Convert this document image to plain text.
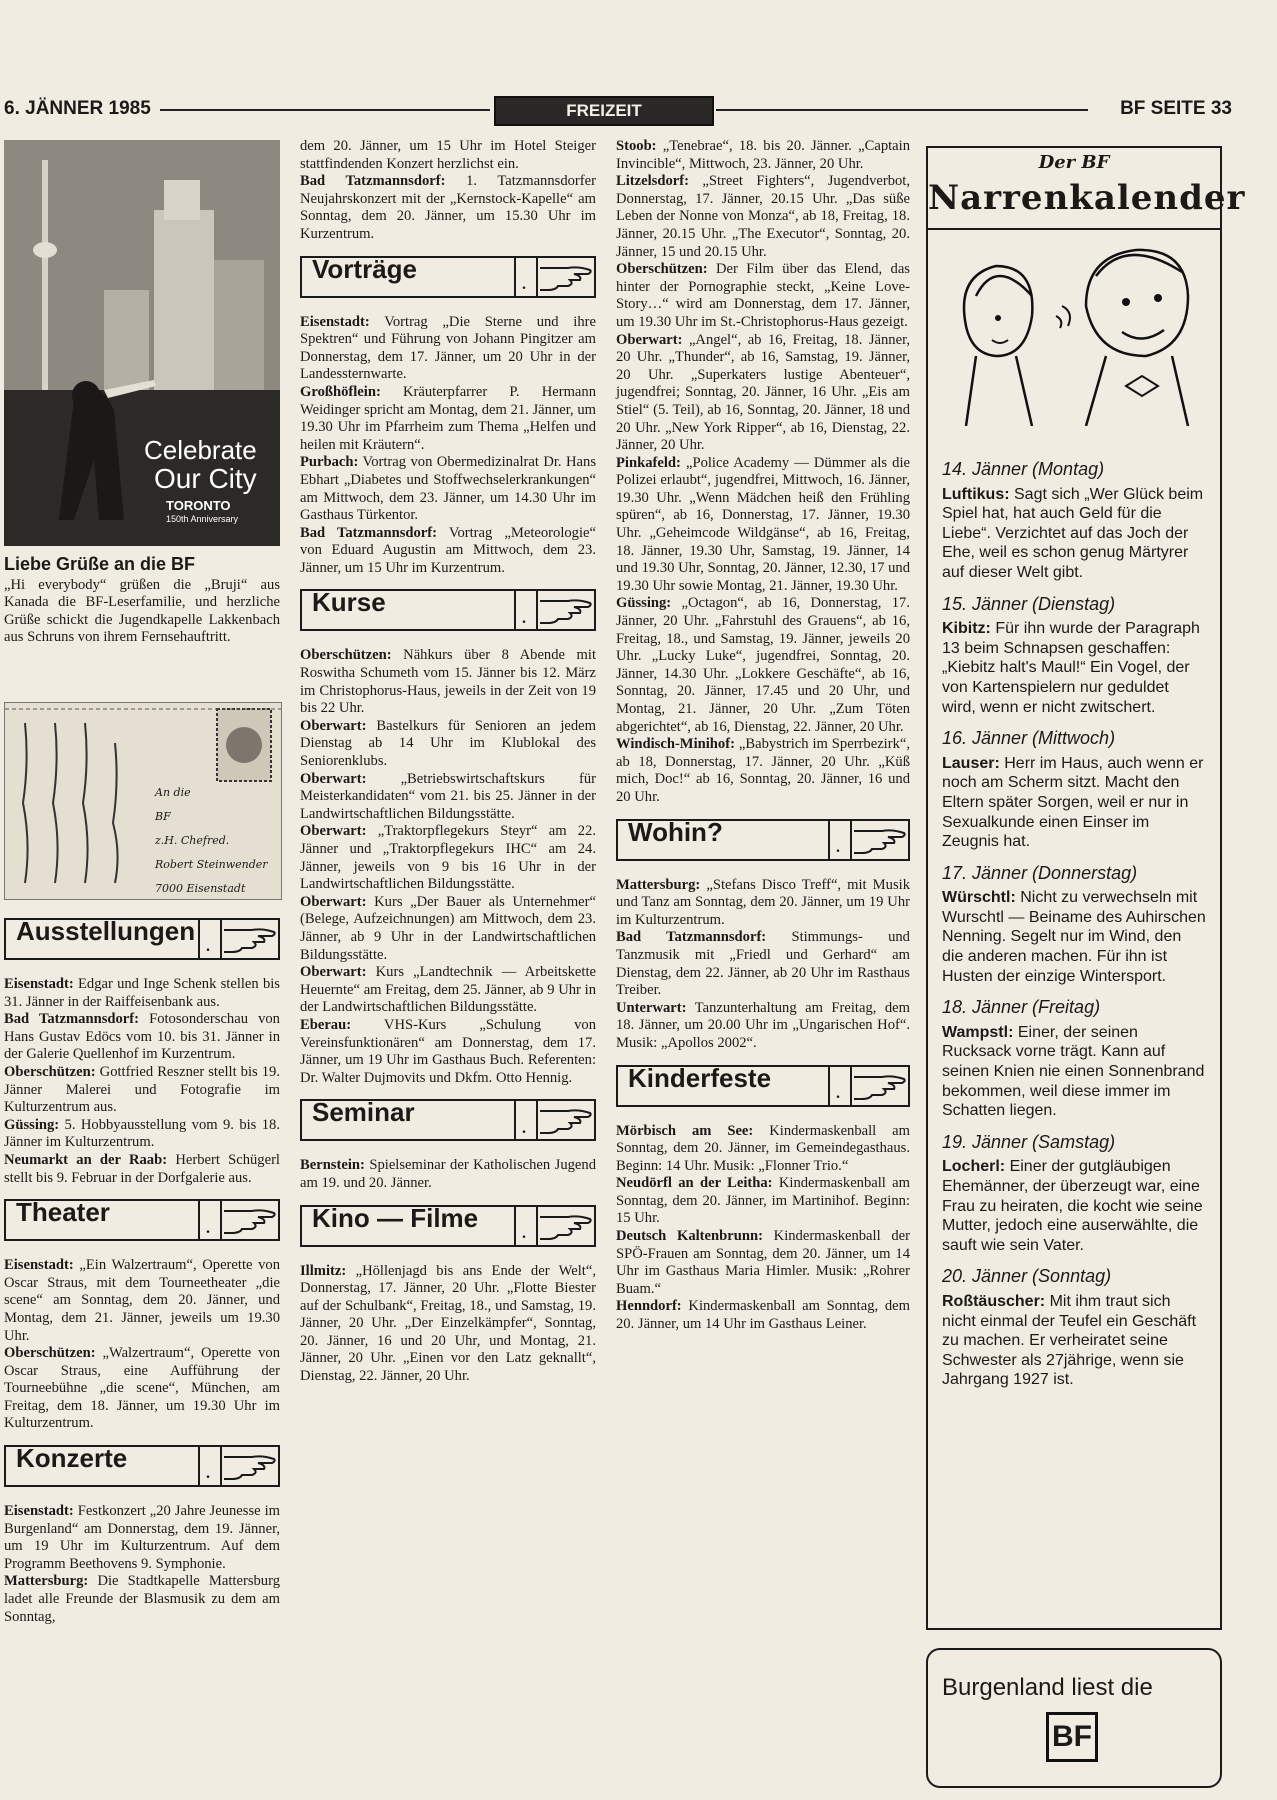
6. JÄNNER 1985	FREIZEIT	BF SEITE 33
Celebrate
Our City
TORONTO
150th Anniversary
Liebe Grüße an die BF

„Hi everybody“ grüßen die „Bruji“ aus Kanada die BF-Leserfamilie, und herzliche Grüße schickt die Jugendkapelle Lakkenbach aus Schruns von ihrem Fernsehauftritt.

An die
BF
z.H. Chefred.
Robert Steinwender
7000 Eisenstadt
Ausstellungen
.

Eisenstadt: Edgar und Inge Schenk stellen bis 31. Jänner in der Raiffeisenbank aus.

Bad Tatzmannsdorf: Fotosonderschau von Hans Gustav Edöcs vom 10. bis 31. Jänner in der Galerie Quellenhof im Kurzentrum.

Oberschützen: Gottfried Reszner stellt bis 19. Jänner Malerei und Fotografie im Kulturzentrum aus.

Güssing: 5. Hobbyausstellung vom 9. bis 18. Jänner im Kulturzentrum.

Neumarkt an der Raab: Herbert Schügerl stellt bis 9. Februar in der Dorfgalerie aus.

Theater
.

Eisenstadt: „Ein Walzertraum“, Operette von Oscar Straus, mit dem Tourneetheater „die scene“ am Sonntag, dem 20. Jänner, und Montag, dem 21. Jänner, jeweils um 19.30 Uhr.

Oberschützen: „Walzertraum“, Operette von Oscar Straus, eine Aufführung der Tourneebühne „die scene“, München, am Freitag, dem 18. Jänner, um 19.30 Uhr im Kulturzentrum.

Konzerte
.

Eisenstadt: Festkonzert „20 Jahre Jeunesse im Burgenland“ am Donnerstag, dem 19. Jänner, um 19 Uhr im Kulturzentrum. Auf dem Programm Beethovens 9. Symphonie.

Mattersburg: Die Stadtkapelle Mattersburg ladet alle Freunde der Blasmusik zu dem am Sonntag,

dem 20. Jänner, um 15 Uhr im Hotel Steiger stattfindenden Konzert herzlichst ein.

Bad Tatzmannsdorf: 1. Tatzmannsdorfer Neujahrskonzert mit der „Kernstock-Kapelle“ am Sonntag, dem 20. Jänner, um 15.30 Uhr im Kurzentrum.

Vorträge
.

Eisenstadt: Vortrag „Die Sterne und ihre Spektren“ und Führung von Johann Pingitzer am Donnerstag, dem 17. Jänner, um 20 Uhr in der Landessternwarte.

Großhöflein: Kräuterpfarrer P. Hermann Weidinger spricht am Montag, dem 21. Jänner, um 19.30 Uhr im Pfarrheim zum Thema „Helfen und heilen mit Kräutern“.

Purbach: Vortrag von Obermedizinalrat Dr. Hans Ebhart „Diabetes und Stoffwechselerkrankungen“ am Mittwoch, dem 23. Jänner, um 14.30 Uhr im Gasthaus Türkentor.

Bad Tatzmannsdorf: Vortrag „Meteorologie“ von Eduard Augustin am Mittwoch, dem 23. Jänner, um 15 Uhr im Kurzentrum.

Kurse
.

Oberschützen: Nähkurs über 8 Abende mit Roswitha Schumeth vom 15. Jänner bis 12. März im Christophorus-Haus, jeweils in der Zeit von 19 bis 22 Uhr.

Oberwart: Bastelkurs für Senioren an jedem Dienstag ab 14 Uhr im Klublokal des Seniorenklubs.

Oberwart: „Betriebswirtschaftskurs für Meisterkandidaten“ vom 21. bis 25. Jänner in der Landwirtschaftlichen Bildungsstätte.

Oberwart: „Traktorpflegekurs Steyr“ am 22. Jänner und „Traktorpflegekurs IHC“ am 24. Jänner, jeweils von 9 bis 16 Uhr in der Landwirtschaftlichen Bildungsstätte.

Oberwart: Kurs „Der Bauer als Unternehmer“ (Belege, Aufzeichnungen) am Mittwoch, dem 23. Jänner, ab 9 Uhr in der Landwirtschaftlichen Bildungsstätte.

Oberwart: Kurs „Landtechnik — Arbeitskette Heuernte“ am Freitag, dem 25. Jänner, ab 9 Uhr in der Landwirtschaftlichen Bildungsstätte.

Eberau: VHS-Kurs „Schulung von Vereinsfunktionären“ am Donnerstag, dem 17. Jänner, um 19 Uhr im Gasthaus Buch. Referenten: Dr. Walter Dujmovits und Dkfm. Otto Hennig.

Seminar
.

Bernstein: Spielseminar der Katholischen Jugend am 19. und 20. Jänner.

Kino — Filme
.

Illmitz: „Höllenjagd bis ans Ende der Welt“, Donnerstag, 17. Jänner, 20 Uhr. „Flotte Biester auf der Schulbank“, Freitag, 18., und Samstag, 19. Jänner, 20 Uhr. „Der Einzelkämpfer“, Sonntag, 20. Jänner, 16 und 20 Uhr, und Montag, 21. Jänner, 20 Uhr. „Einen vor den Latz geknallt“, Dienstag, 22. Jänner, 20 Uhr.

Stoob: „Tenebrae“, 18. bis 20. Jänner. „Captain Invincible“, Mittwoch, 23. Jänner, 20 Uhr.

Litzelsdorf: „Street Fighters“, Jugendverbot, Donnerstag, 17. Jänner, 20.15 Uhr. „Das süße Leben der Nonne von Monza“, ab 18, Freitag, 18. Jänner, 20.15 Uhr. „The Executor“, Sonntag, 20. Jänner, 15 und 20.15 Uhr.

Oberschützen: Der Film über das Elend, das hinter der Pornographie steckt, „Keine Love-Story…“ wird am Donnerstag, dem 17. Jänner, um 19.30 Uhr im St.-Christophorus-Haus gezeigt.

Oberwart: „Angel“, ab 16, Freitag, 18. Jänner, 20 Uhr. „Thunder“, ab 16, Samstag, 19. Jänner, 20 Uhr. „Superkaters lustige Abenteuer“, jugendfrei; Sonntag, 20. Jänner, 16 Uhr. „Eis am Stiel“ (5. Teil), ab 16, Sonntag, 20. Jänner, 18 und 20 Uhr. „New York Ripper“, ab 16, Dienstag, 22. Jänner, 20 Uhr.

Pinkafeld: „Police Academy — Dümmer als die Polizei erlaubt“, jugendfrei, Mittwoch, 16. Jänner, 19.30 Uhr. „Wenn Mädchen heiß den Frühling spüren“, ab 16, Donnerstag, 17. Jänner, 19.30 Uhr. „Geheimcode Wildgänse“, ab 16, Freitag, 18. Jänner, 19.30 Uhr, Samstag, 19. Jänner, 14 und 19.30 Uhr, Sonntag, 20. Jänner, 12.30, 17 und 19.30 Uhr sowie Montag, 21. Jänner, 19.30 Uhr.

Güssing: „Octagon“, ab 16, Donnerstag, 17. Jänner, 20 Uhr. „Fahrstuhl des Grauens“, ab 16, Freitag, 18., und Samstag, 19. Jänner, jeweils 20 Uhr. „Lucky Luke“, jugendfrei, Sonntag, 20. Jänner, 14.30 Uhr. „Lokkere Geschäfte“, ab 16, Sonntag, 20. Jänner, 17.45 und 20 Uhr, und Montag, 21. Jänner, 20 Uhr. „Zum Töten abgerichtet“, ab 16, Dienstag, 22. Jänner, 20 Uhr.

Windisch-Minihof: „Babystrich im Sperrbezirk“, ab 18, Donnerstag, 17. Jänner, 20 Uhr. „Küß mich, Doc!“ ab 16, Sonntag, 20. Jänner, 16 und 20 Uhr.

Wohin?
.

Mattersburg: „Stefans Disco Treff“, mit Musik und Tanz am Sonntag, dem 20. Jänner, um 19 Uhr im Kulturzentrum.

Bad Tatzmannsdorf: Stimmungs- und Tanzmusik mit „Friedl und Gerhard“ am Dienstag, dem 22. Jänner, ab 20 Uhr im Rasthaus Treiber.

Unterwart: Tanzunterhaltung am Freitag, dem 18. Jänner, um 20.00 Uhr im „Ungarischen Hof“. Musik: „Apollos 2002“.

Kinderfeste
.

Mörbisch am See: Kindermaskenball am Sonntag, dem 20. Jänner, im Gemeindegasthaus. Beginn: 14 Uhr. Musik: „Flonner Trio.“

Neudörfl an der Leitha: Kindermaskenball am Sonntag, dem 20. Jänner, im Martinihof. Beginn: 15 Uhr.

Deutsch Kaltenbrunn: Kindermaskenball der SPÖ-Frauen am Sonntag, dem 20. Jänner, um 14 Uhr im Gasthaus Maria Himler. Musik: „Rohrer Buam.“

Henndorf: Kindermaskenball am Sonntag, dem 20. Jänner, um 14 Uhr im Gasthaus Leiner.

Der BF
Narrenkalender
14. Jänner (Montag)

Luftikus: Sagt sich „Wer Glück beim Spiel hat, hat auch Geld für die Liebe“. Verzichtet auf das Joch der Ehe, weil es schon genug Märtyrer auf dieser Welt gibt.

15. Jänner (Dienstag)

Kibitz: Für ihn wurde der Paragraph 13 beim Schnapsen geschaffen: „Kiebitz halt's Maul!“ Ein Vogel, der von Kartenspielern nur geduldet wird, wenn er nicht zwitschert.

16. Jänner (Mittwoch)

Lauser: Herr im Haus, auch wenn er noch am Scherm sitzt. Macht den Eltern später Sorgen, weil er nur in Sexualkunde einen Einser im Zeugnis hat.

17. Jänner (Donnerstag)

Würschtl: Nicht zu verwechseln mit Wurschtl — Beiname des Auhirschen Nenning. Segelt nur im Wind, den die anderen machen. Für ihn ist Husten der einzige Wintersport.

18. Jänner (Freitag)

Wampstl: Einer, der seinen Rucksack vorne trägt. Kann auf seinen Knien nie einen Sonnenbrand bekommen, weil diese immer im Schatten liegen.

19. Jänner (Samstag)

Locherl: Einer der gutgläubigen Ehemänner, der überzeugt war, eine Frau zu heiraten, die kocht wie seine Mutter, jedoch eine auserwählte, die sauft wie sein Vater.

20. Jänner (Sonntag)

Roßtäuscher: Mit ihm traut sich nicht einmal der Teufel ein Geschäft zu machen. Er verheiratet seine Schwester als 27jährige, wenn sie Jahrgang 1927 ist.

Burgenland liest die
BF
